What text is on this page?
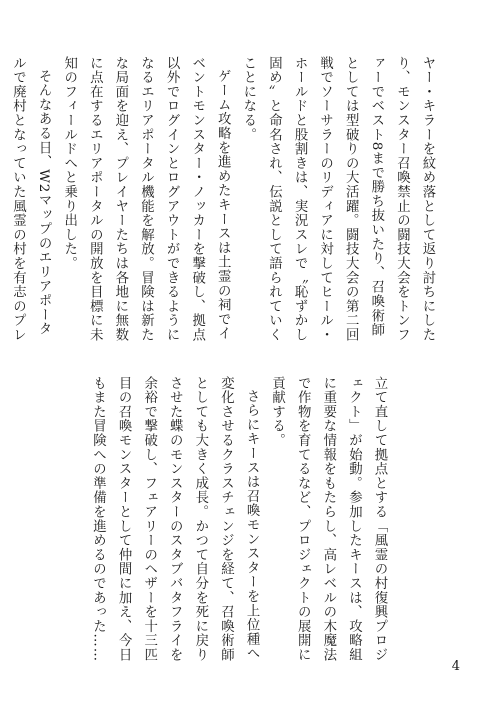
ヤー・キラーを紋め落として返り討ちにしたり、モンスター召喚禁止の闘技大会をトンファーでベスト8まで勝ち抜いたり、召喚術師としては型破りの大活躍。闘技大会の第二回戦でソーサラーのリディアに対してヒール・ホールドと股割きは、実況スレで〝恥ずかし固め〟と命名され、伝説として語られていくことになる。

ゲーム攻略を進めたキースは土霊の祠でイベントモンスター・ノッカーを撃破し、拠点以外でログインとログアウトができるようになるエリアポータル機能を解放。冒険は新たな局面を迎え、プレイヤーたちは各地に無数に点在するエリアポータルの開放を目標に未知のフィールドへと乗り出した。

そんなある日、W2マップのエリアポータルで廃村となっていた風霊の村を有志のプレ

立て直して拠点とする「風霊の村復興プロジェクト」が始動。参加したキースは、攻略組に重要な情報をもたらし、高レベルの木魔法で作物を育てるなど、プロジェクトの展開に貢献する。

さらにキースは召喚モンスターを上位種へ変化させるクラスチェンジを経て、召喚術師としても大きく成長。かつて自分を死に戻りさせた蝶のモンスターのスタブバタフライを余裕で撃破し、フェアリーのヘザーを十三匹目の召喚モンスターとして仲間に加え、今日もまた冒険への準備を進めるのであった……

4
